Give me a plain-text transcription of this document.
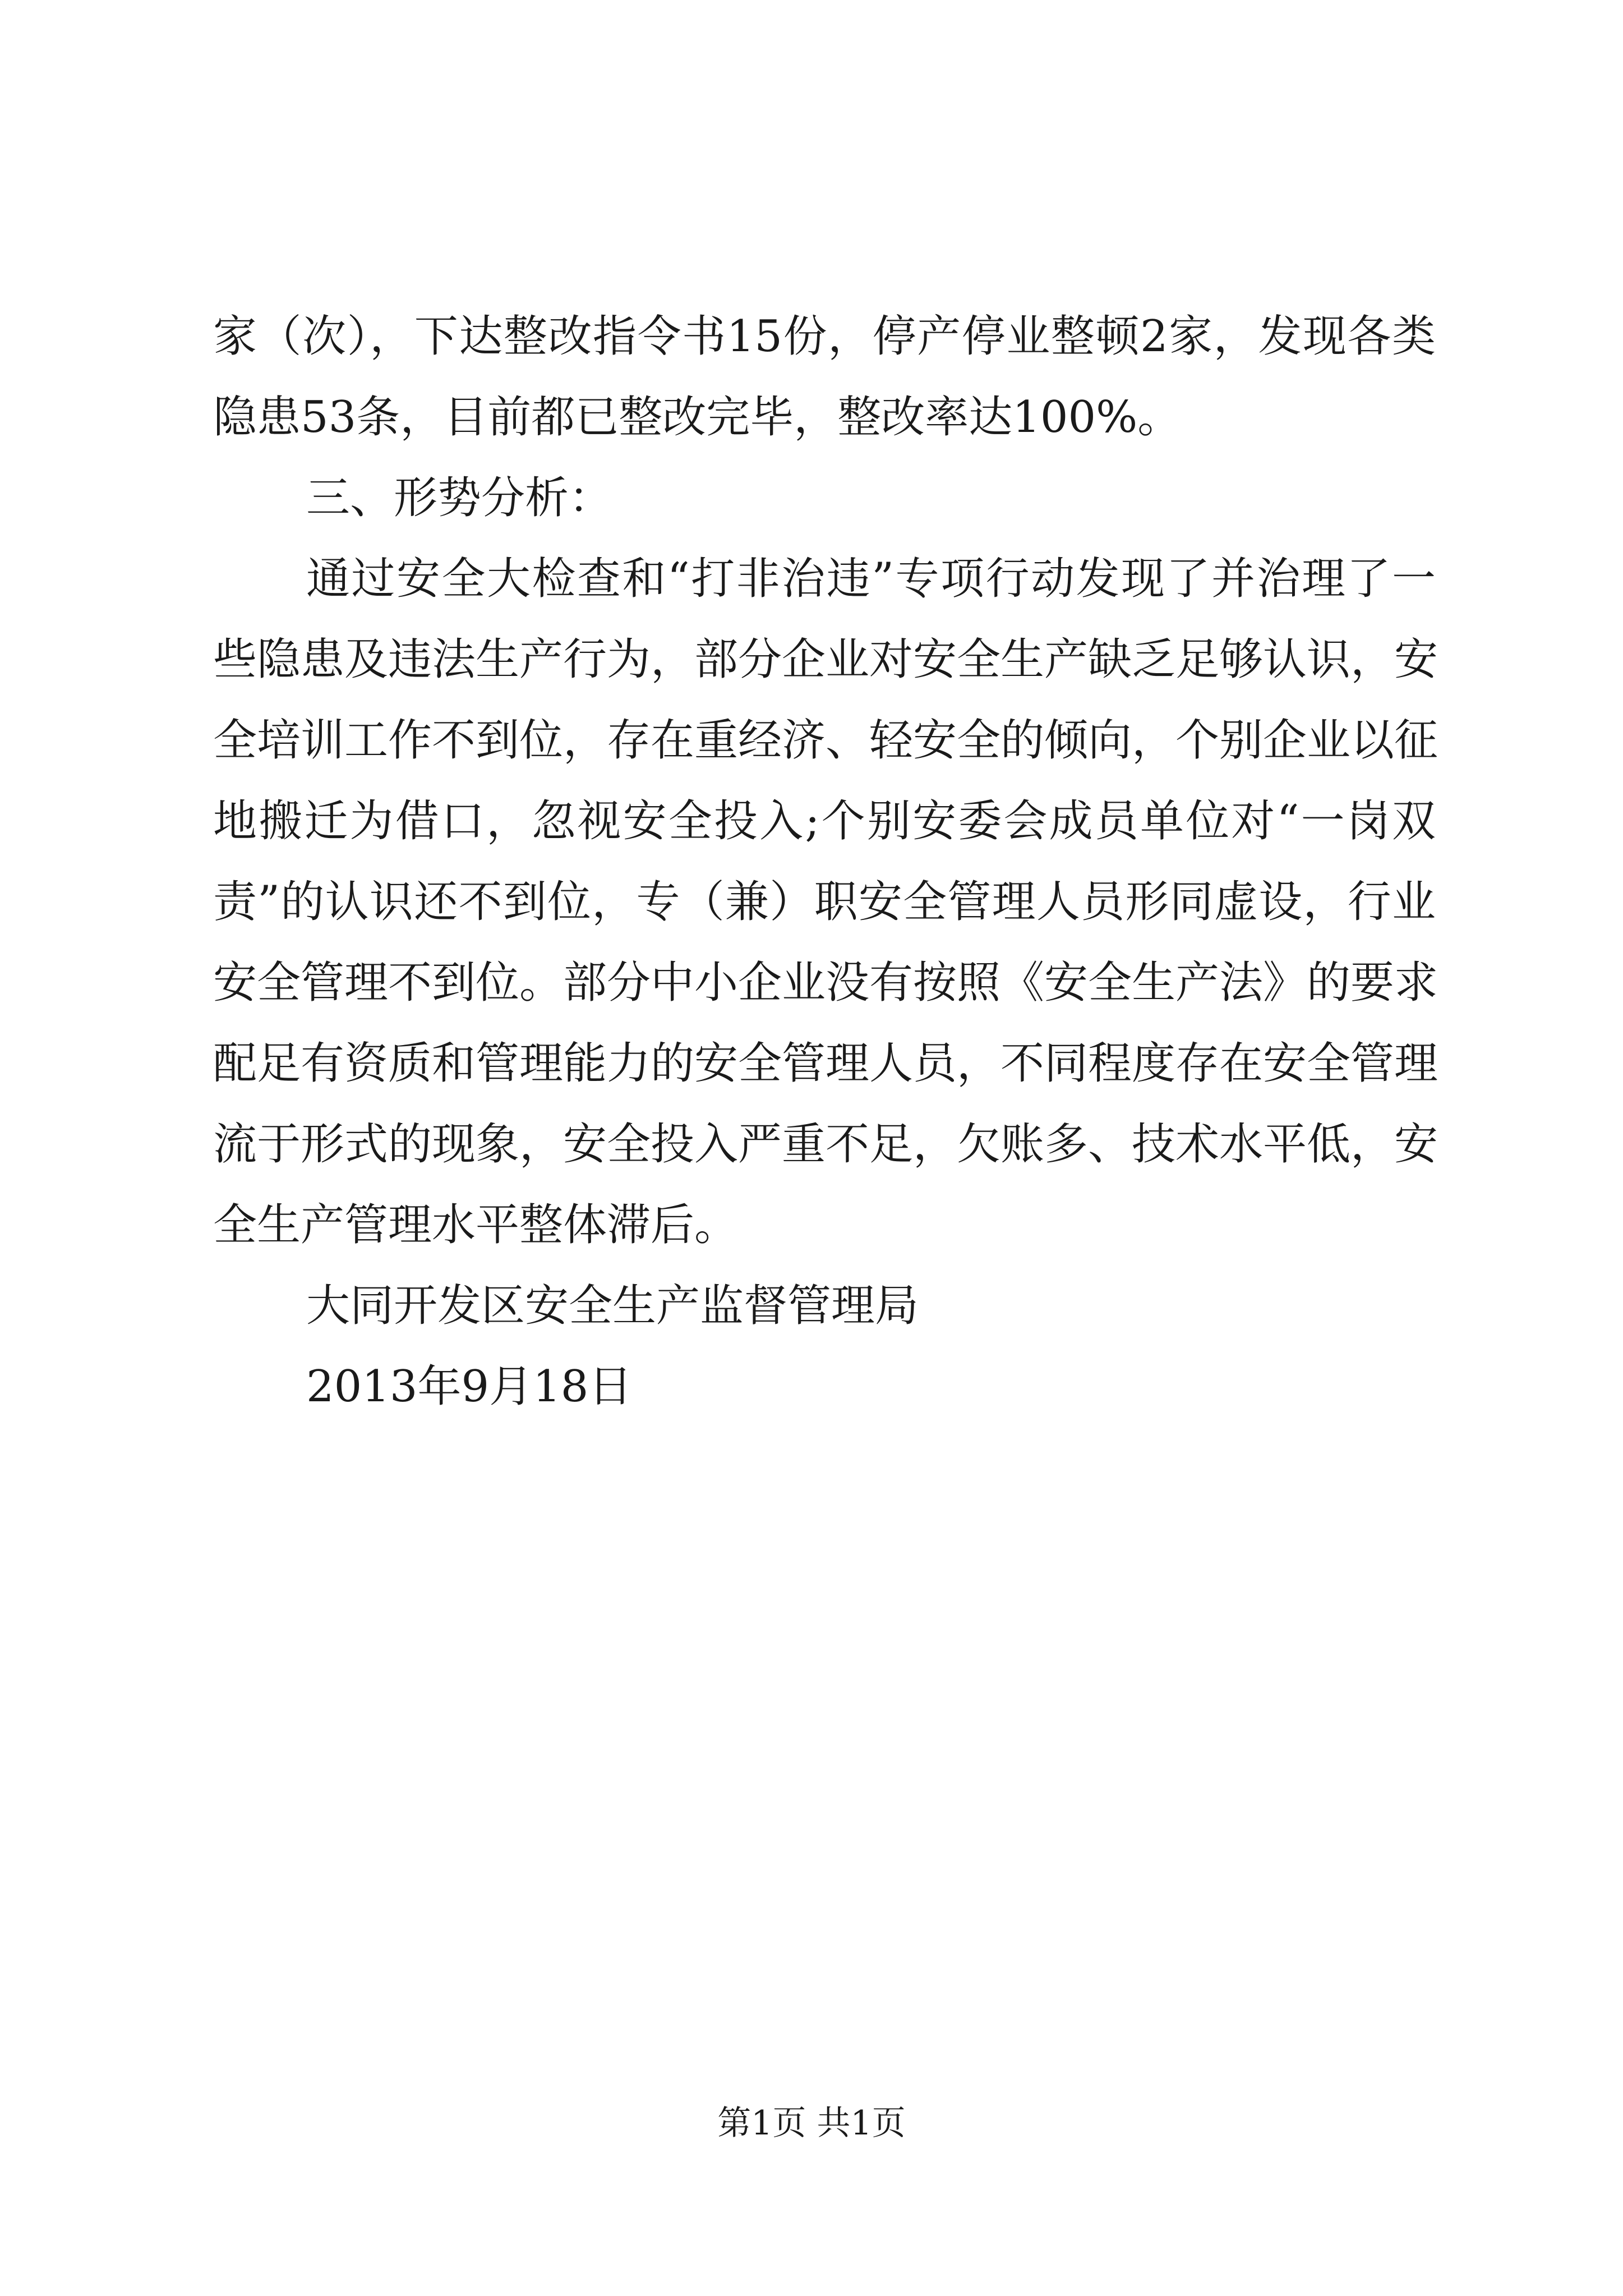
家（次），下达整改指令书15份，停产停业整顿2家，发现各类
隐患53条，目前都已整改完毕，整改率达100%。
三、形势分析：
通过安全大检查和“打非治违”专项行动发现了并治理了一
些隐患及违法生产行为，部分企业对安全生产缺乏足够认识，安
全培训工作不到位，存在重经济、轻安全的倾向，个别企业以征
地搬迁为借口，忽视安全投入;个别安委会成员单位对“一岗双
责”的认识还不到位，专（兼）职安全管理人员形同虚设，行业
安全管理不到位。部分中小企业没有按照《安全生产法》的要求
配足有资质和管理能力的安全管理人员，不同程度存在安全管理
流于形式的现象，安全投入严重不足，欠账多、技术水平低，安
全生产管理水平整体滞后。
大同开发区安全生产监督管理局
2013年9月18日
第1页 共1页
